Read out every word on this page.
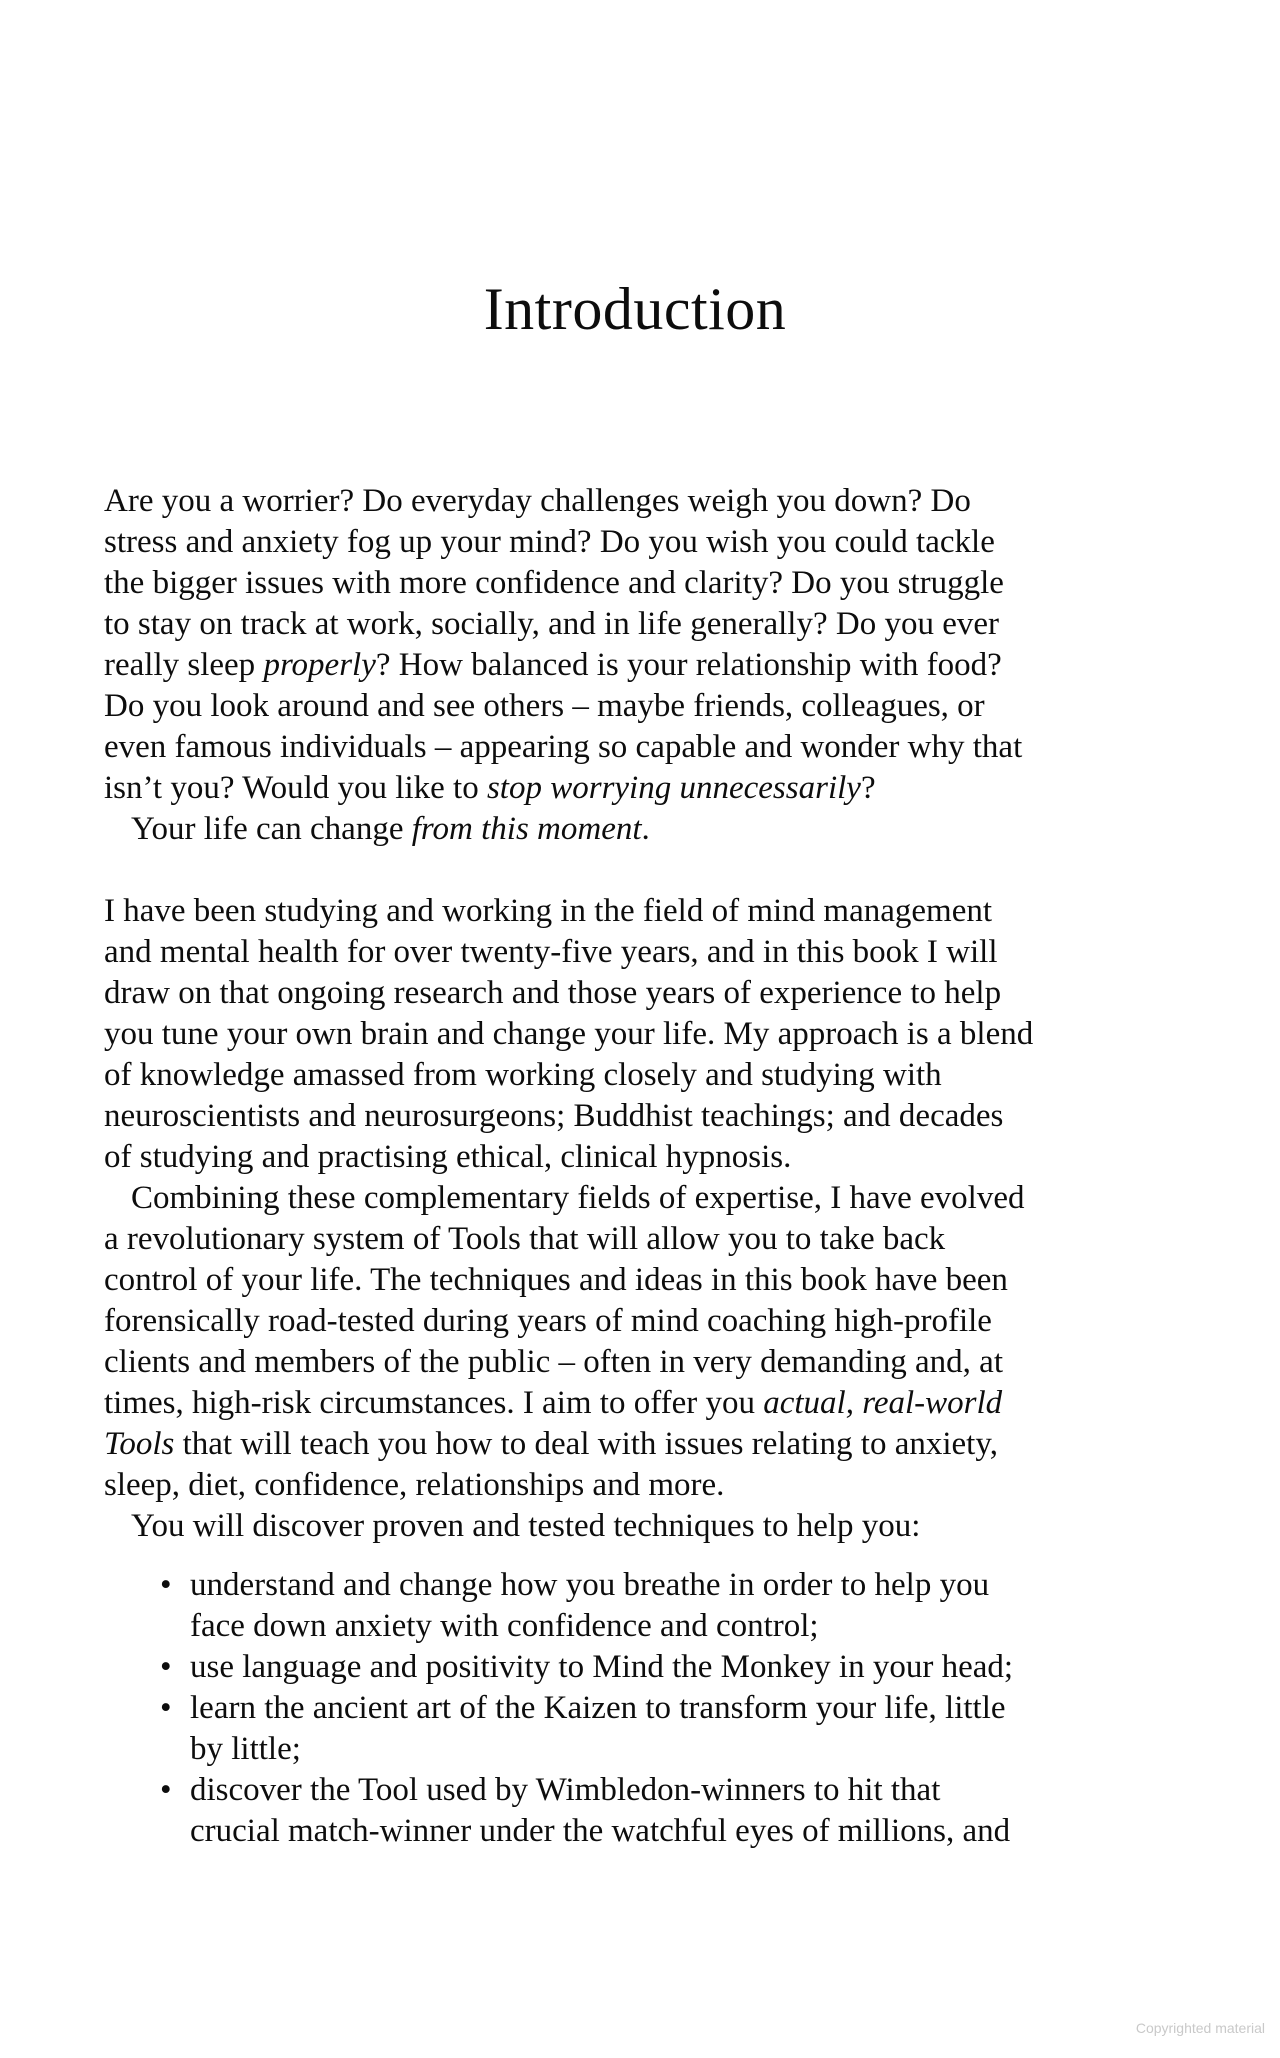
Introduction
Are you a worrier? Do everyday challenges weigh you down? Do
stress and anxiety fog up your mind? Do you wish you could tackle
the bigger issues with more confidence and clarity? Do you struggle
to stay on track at work, socially, and in life generally? Do you ever
really sleep properly? How balanced is your relationship with food?
Do you look around and see others – maybe friends, colleagues, or
even famous individuals – appearing so capable and wonder why that
isn’t you? Would you like to stop worrying unnecessarily?
Your life can change from this moment.
I have been studying and working in the field of mind management
and mental health for over twenty-five years, and in this book I will
draw on that ongoing research and those years of experience to help
you tune your own brain and change your life. My approach is a blend
of knowledge amassed from working closely and studying with
neuroscientists and neurosurgeons; Buddhist teachings; and decades
of studying and practising ethical, clinical hypnosis.
Combining these complementary fields of expertise, I have evolved
a revolutionary system of Tools that will allow you to take back
control of your life. The techniques and ideas in this book have been
forensically road-tested during years of mind coaching high-profile
clients and members of the public – often in very demanding and, at
times, high-risk circumstances. I aim to offer you actual, real-world
Tools that will teach you how to deal with issues relating to anxiety,
sleep, diet, confidence, relationships and more.
You will discover proven and tested techniques to help you:
• understand and change how you breathe in order to help you
face down anxiety with confidence and control;
• use language and positivity to Mind the Monkey in your head;
• learn the ancient art of the Kaizen to transform your life, little
by little;
• discover the Tool used by Wimbledon-winners to hit that
crucial match-winner under the watchful eyes of millions, and
Copyrighted material
